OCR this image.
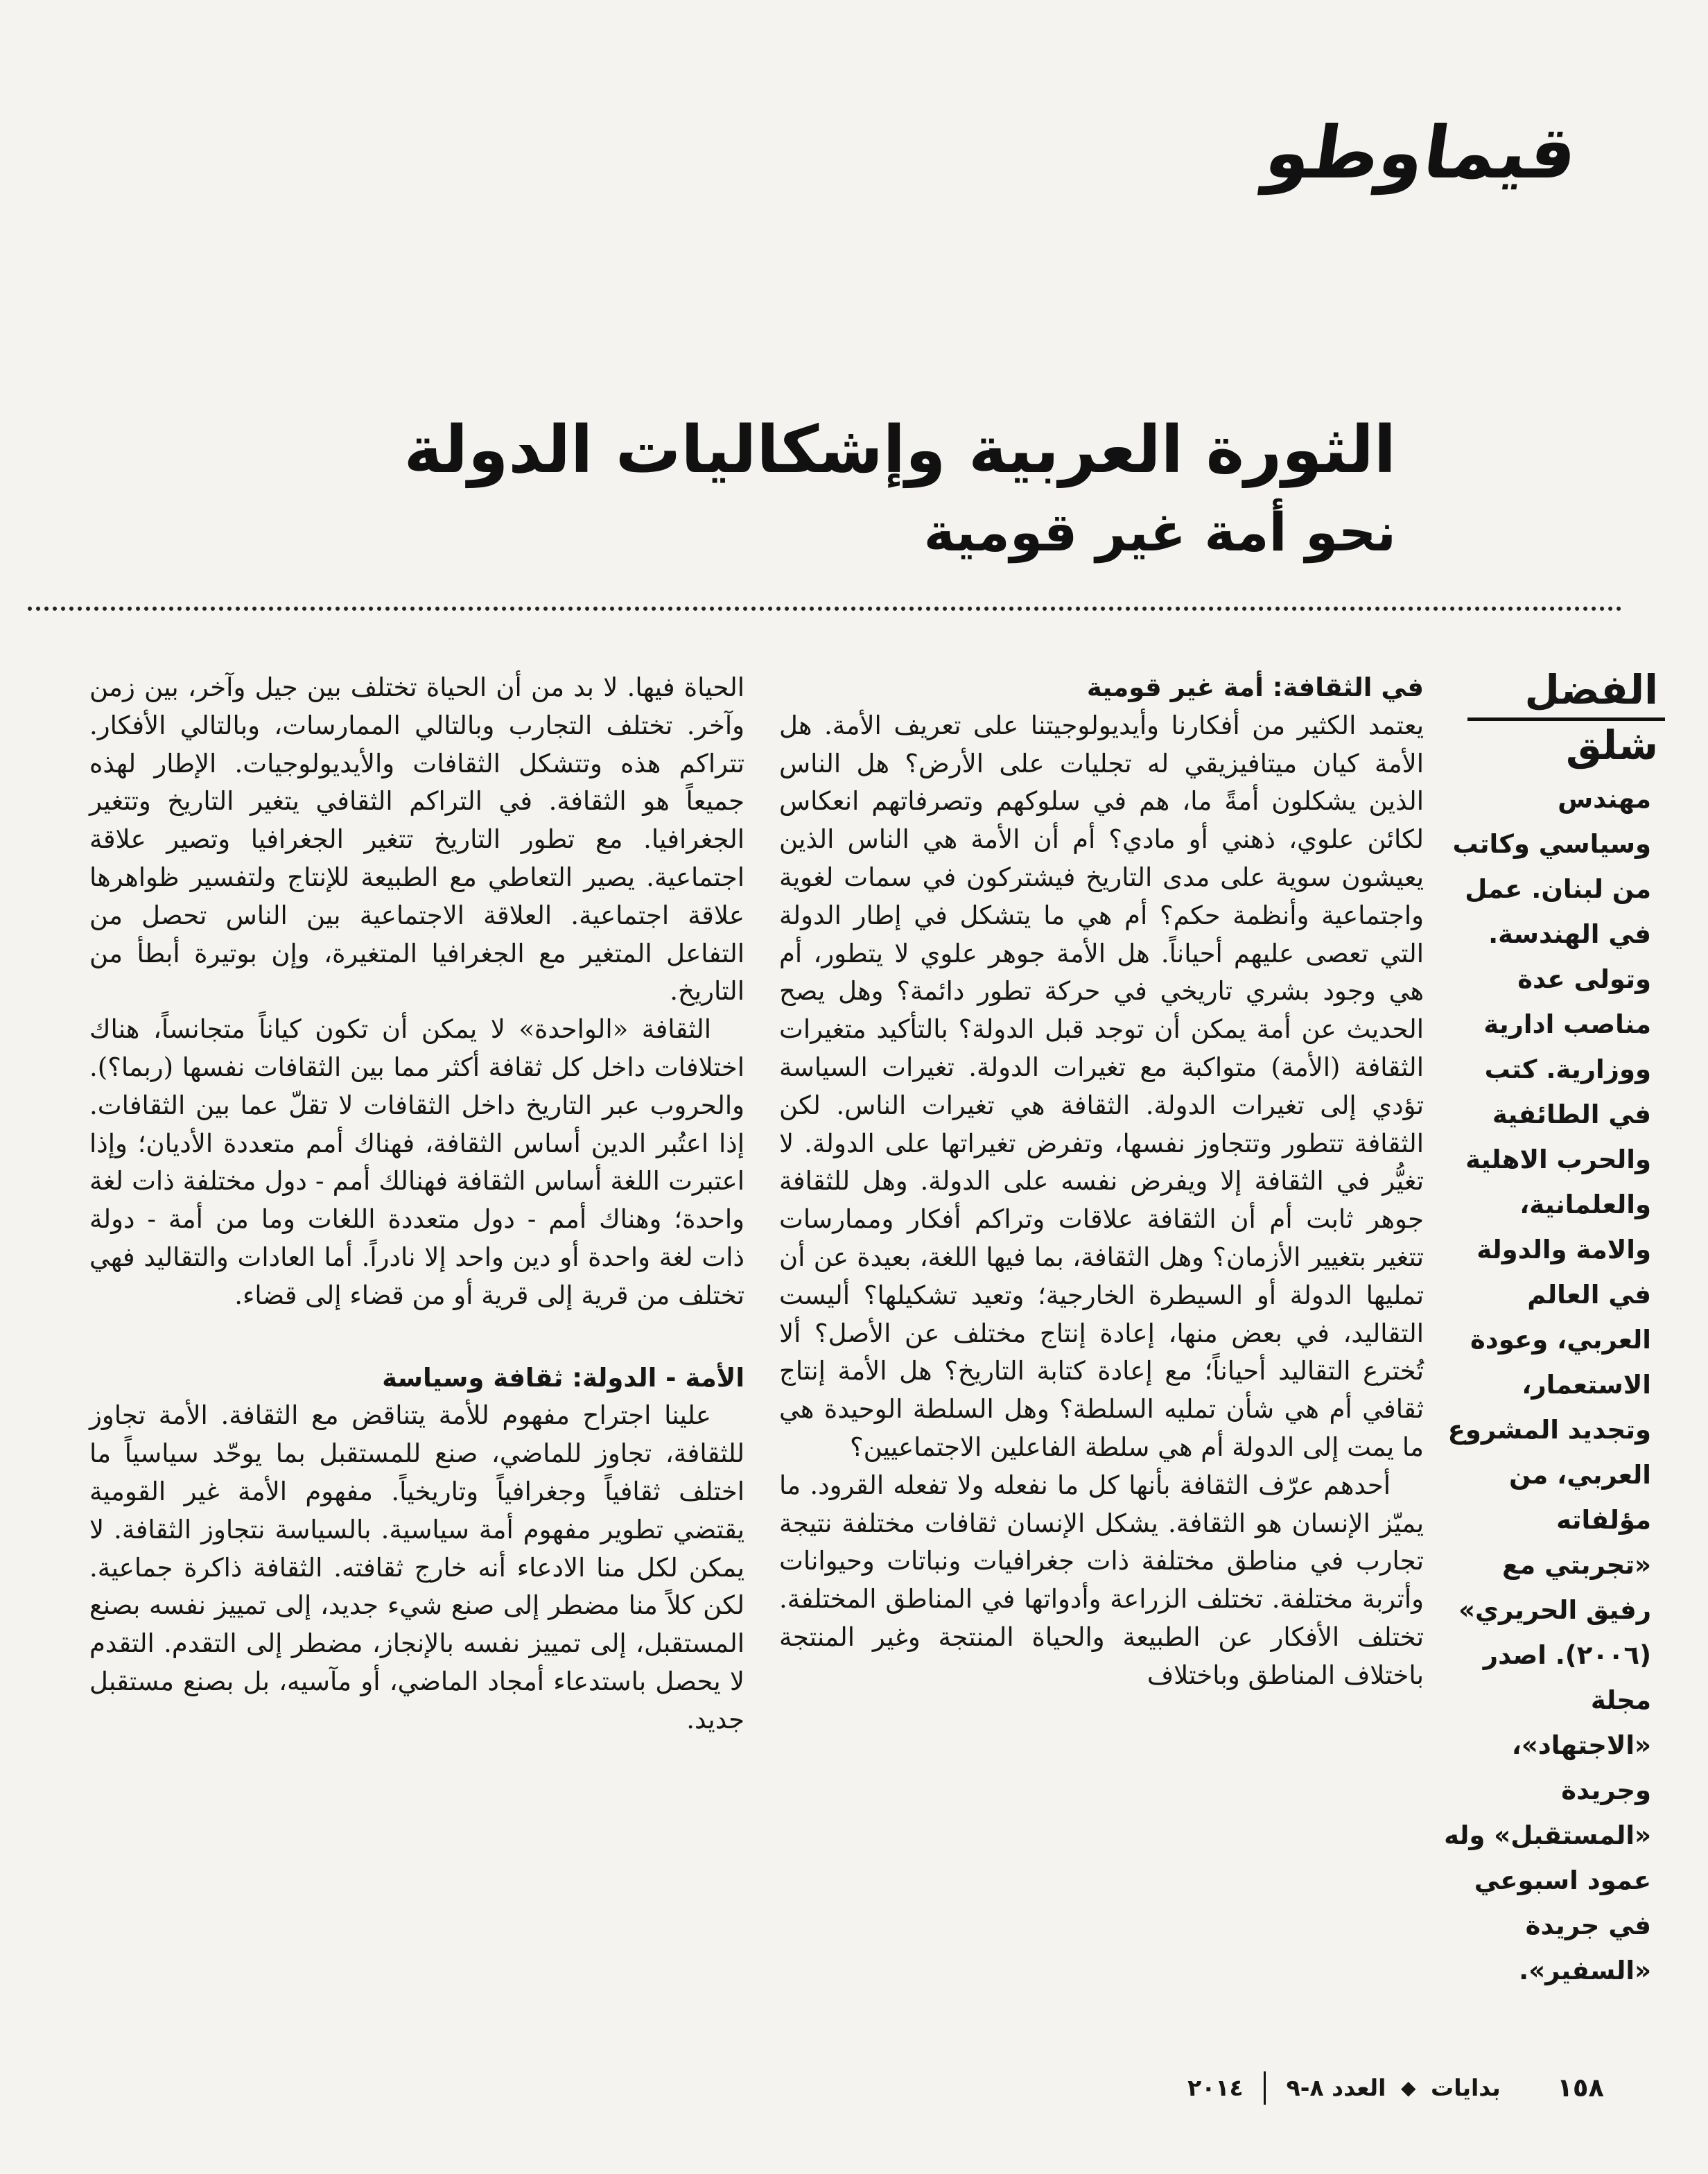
قيماوطو
الثورة العربية وإشكاليات الدولة
نحو أمة غير قومية
الفضل شلق
مهندس وسياسي وكاتب من لبنان. عمل في الهندسة. وتولى عدة مناصب ادارية ووزارية. كتب في الطائفية والحرب الاهلية والعلمانية، والامة والدولة في العالم العربي، وعودة الاستعمار، وتجديد المشروع العربي، من مؤلفاته «تجربتي مع رفيق الحريري» (٢٠٠٦). اصدر مجلة «الاجتهاد»، وجريدة «المستقبل» وله عمود اسبوعي في جريدة «السفير».
في الثقافة: أمة غير قومية

يعتمد الكثير من أفكارنا وأيديولوجيتنا على تعريف الأمة. هل الأمة كيان ميتافيزيقي له تجليات على الأرض؟ هل الناس الذين يشكلون أمةً ما، هم في سلوكهم وتصرفاتهم انعكاس لكائن علوي، ذهني أو مادي؟ أم أن الأمة هي الناس الذين يعيشون سوية على مدى التاريخ فيشتركون في سمات لغوية واجتماعية وأنظمة حكم؟ أم هي ما يتشكل في إطار الدولة التي تعصى عليهم أحياناً. هل الأمة جوهر علوي لا يتطور، أم هي وجود بشري تاريخي في حركة تطور دائمة؟ وهل يصح الحديث عن أمة يمكن أن توجد قبل الدولة؟ بالتأكيد متغيرات الثقافة (الأمة) متواكبة مع تغيرات الدولة. تغيرات السياسة تؤدي إلى تغيرات الدولة. الثقافة هي تغيرات الناس. لكن الثقافة تتطور وتتجاوز نفسها، وتفرض تغيراتها على الدولة. لا تغيُّر في الثقافة إلا ويفرض نفسه على الدولة. وهل للثقافة جوهر ثابت أم أن الثقافة علاقات وتراكم أفكار وممارسات تتغير بتغيير الأزمان؟ وهل الثقافة، بما فيها اللغة، بعيدة عن أن تمليها الدولة أو السيطرة الخارجية؛ وتعيد تشكيلها؟ أليست التقاليد، في بعض منها، إعادة إنتاج مختلف عن الأصل؟ ألا تُخترع التقاليد أحياناً؛ مع إعادة كتابة التاريخ؟ هل الأمة إنتاج ثقافي أم هي شأن تمليه السلطة؟ وهل السلطة الوحيدة هي ما يمت إلى الدولة أم هي سلطة الفاعلين الاجتماعيين؟

أحدهم عرّف الثقافة بأنها كل ما نفعله ولا تفعله القرود. ما يميّز الإنسان هو الثقافة. يشكل الإنسان ثقافات مختلفة نتيجة تجارب في مناطق مختلفة ذات جغرافيات ونباتات وحيوانات وأتربة مختلفة. تختلف الزراعة وأدواتها في المناطق المختلفة. تختلف الأفكار عن الطبيعة والحياة المنتجة وغير المنتجة باختلاف المناطق وباختلاف

الحياة فيها. لا بد من أن الحياة تختلف بين جيل وآخر، بين زمن وآخر. تختلف التجارب وبالتالي الممارسات، وبالتالي الأفكار. تتراكم هذه وتتشكل الثقافات والأيديولوجيات. الإطار لهذه جميعاً هو الثقافة. في التراكم الثقافي يتغير التاريخ وتتغير الجغرافيا. مع تطور التاريخ تتغير الجغرافيا وتصير علاقة اجتماعية. يصير التعاطي مع الطبيعة للإنتاج ولتفسير ظواهرها علاقة اجتماعية. العلاقة الاجتماعية بين الناس تحصل من التفاعل المتغير مع الجغرافيا المتغيرة، وإن بوتيرة أبطأ من التاريخ.

الثقافة «الواحدة» لا يمكن أن تكون كياناً متجانساً، هناك اختلافات داخل كل ثقافة أكثر مما بين الثقافات نفسها (ربما؟). والحروب عبر التاريخ داخل الثقافات لا تقلّ عما بين الثقافات. إذا اعتُبر الدين أساس الثقافة، فهناك أمم متعددة الأديان؛ وإذا اعتبرت اللغة أساس الثقافة فهنالك أمم - دول مختلفة ذات لغة واحدة؛ وهناك أمم - دول متعددة اللغات وما من أمة - دولة ذات لغة واحدة أو دين واحد إلا نادراً. أما العادات والتقاليد فهي تختلف من قرية إلى قرية أو من قضاء إلى قضاء.

الأمة - الدولة: ثقافة وسياسة

علينا اجتراح مفهوم للأمة يتناقض مع الثقافة. الأمة تجاوز للثقافة، تجاوز للماضي، صنع للمستقبل بما يوحّد سياسياً ما اختلف ثقافياً وجغرافياً وتاريخياً. مفهوم الأمة غير القومية يقتضي تطوير مفهوم أمة سياسية. بالسياسة نتجاوز الثقافة. لا يمكن لكل منا الادعاء أنه خارج ثقافته. الثقافة ذاكرة جماعية. لكن كلاً منا مضطر إلى صنع شيء جديد، إلى تمييز نفسه بصنع المستقبل، إلى تمييز نفسه بالإنجاز، مضطر إلى التقدم. التقدم لا يحصل باستدعاء أمجاد الماضي، أو مآسيه، بل بصنع مستقبل جديد.

١٥٨ بدايات ◆ العدد ٨-٩  ٢٠١٤
